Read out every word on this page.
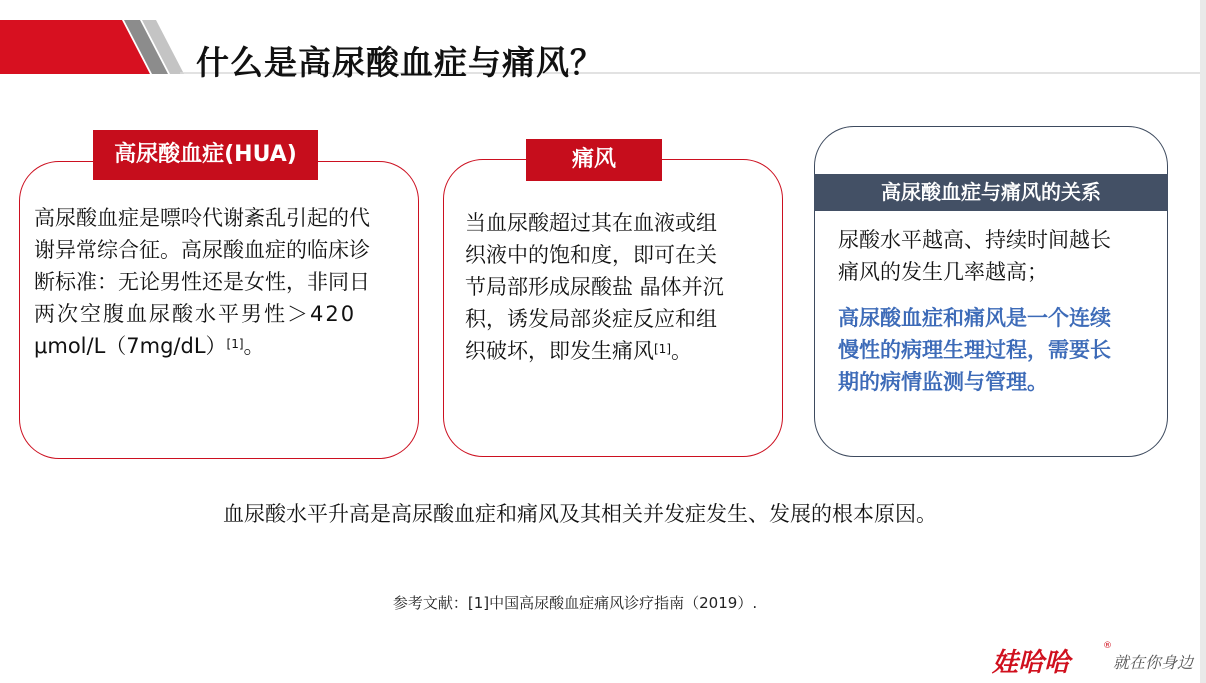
什么是高尿酸血症与痛风？
高尿酸血症(HUA)
高尿酸血症是嘌呤代谢紊乱引起的代
谢异常综合征。高尿酸血症的临床诊
断标准：无论男性还是女性，非同日
两次空腹血尿酸水平男性＞420
μmol/L（7mg/dL）[1]。
痛风
当血尿酸超过其在血液或组
织液中的饱和度，即可在关
节局部形成尿酸盐 晶体并沉
积，诱发局部炎症反应和组
织破坏，即发生痛风[1]。
高尿酸血症与痛风的关系
尿酸水平越高、持续时间越长
痛风的发生几率越高；
高尿酸血症和痛风是一个连续
慢性的病理生理过程，需要长
期的病情监测与管理。
血尿酸水平升高是高尿酸血症和痛风及其相关并发症发生、发展的根本原因。
参考文献：[1]中国高尿酸血症痛风诊疗指南（2019）.
娃哈哈
®
就在你身边
